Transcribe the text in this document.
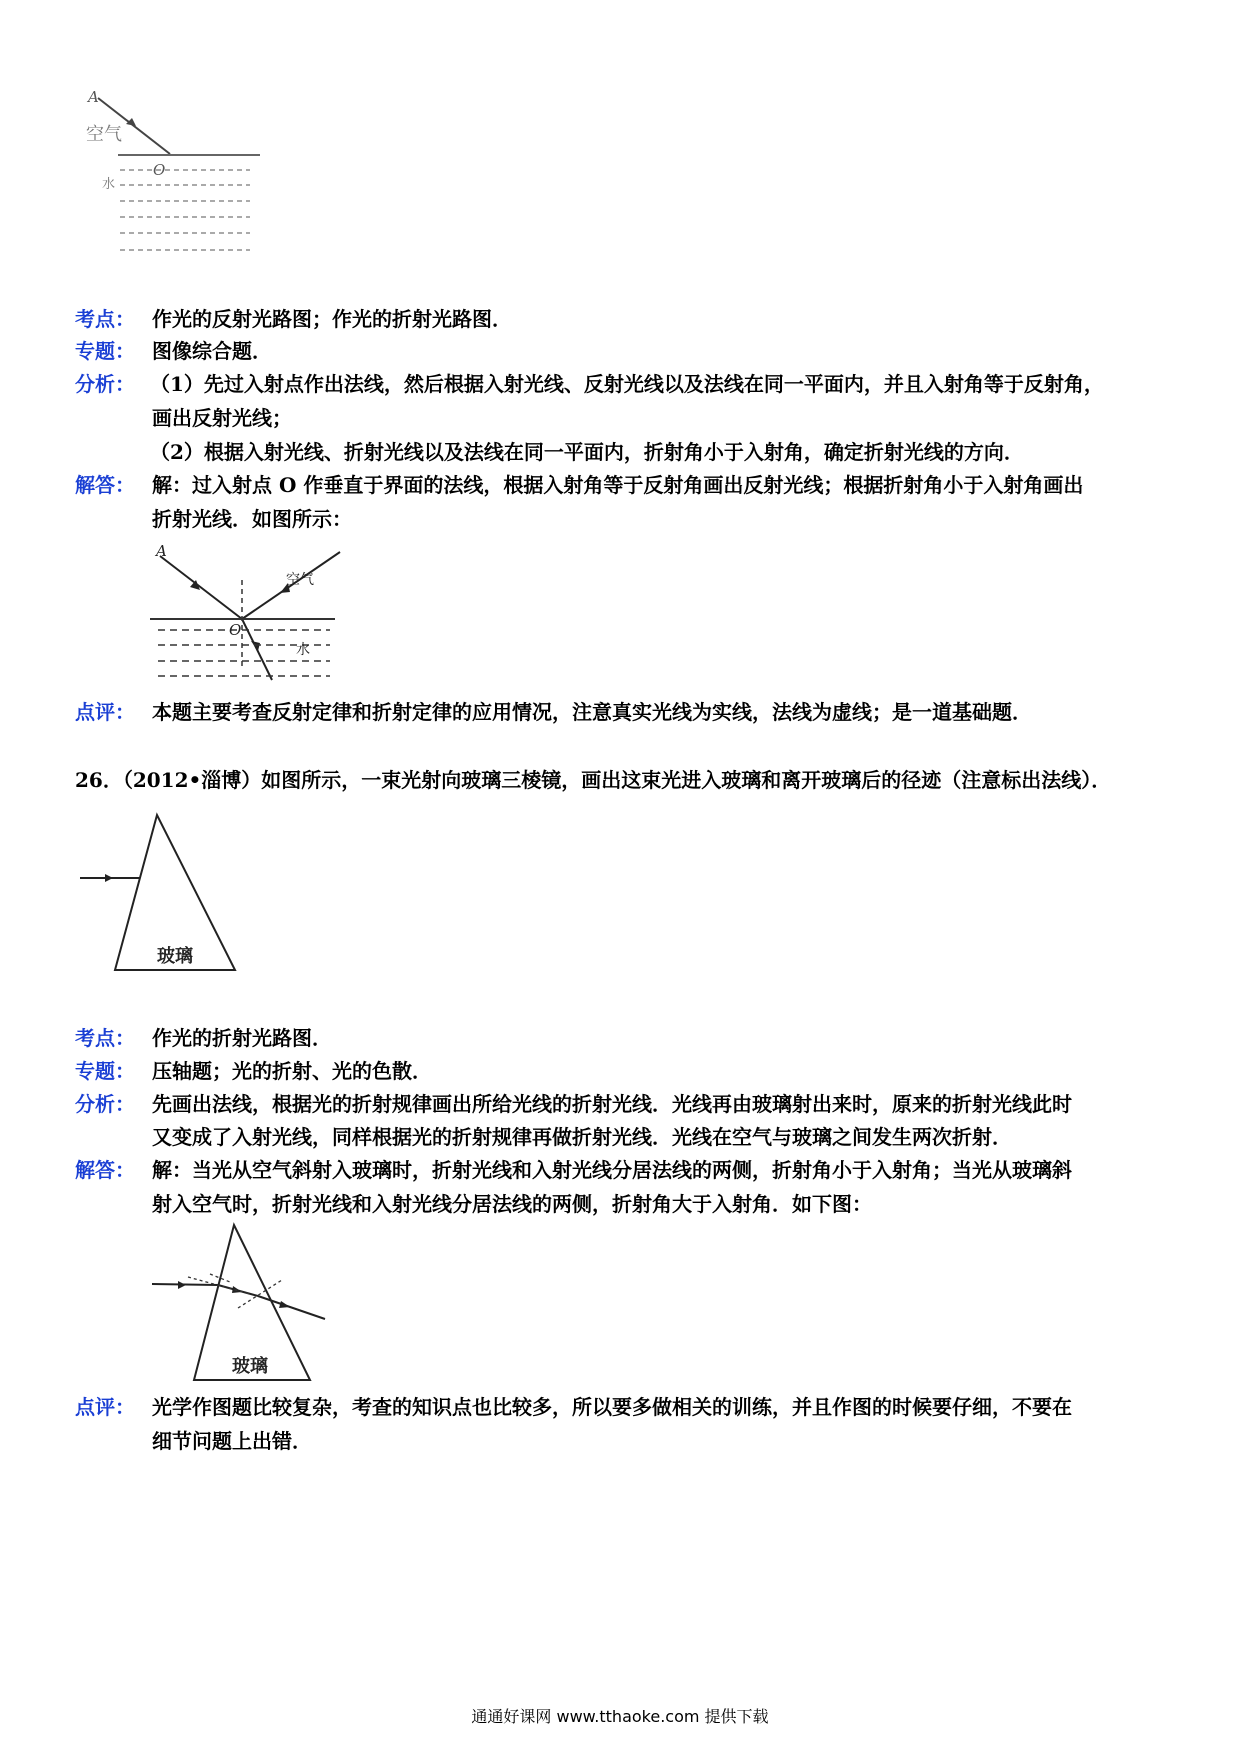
A
空气
O
水
考点： 作光的反射光路图；作光的折射光路图．
专题： 图像综合题．
分析： （1）先过入射点作出法线，然后根据入射光线、反射光线以及法线在同一平面内，并且入射角等于反射角，
画出反射光线；
（2）根据入射光线、折射光线以及法线在同一平面内，折射角小于入射角，确定折射光线的方向．
解答： 解：过入射点 O 作垂直于界面的法线，根据入射角等于反射角画出反射光线；根据折射角小于入射角画出
折射光线．如图所示：
A
空气
O
水
点评： 本题主要考查反射定律和折射定律的应用情况，注意真实光线为实线，法线为虚线；是一道基础题．
26．（2012•淄博）如图所示，一束光射向玻璃三棱镜，画出这束光进入玻璃和离开玻璃后的径迹（注意标出法线）．
玻璃
考点： 作光的折射光路图．
专题： 压轴题；光的折射、光的色散．
分析： 先画出法线，根据光的折射规律画出所给光线的折射光线．光线再由玻璃射出来时，原来的折射光线此时
又变成了入射光线，同样根据光的折射规律再做折射光线．光线在空气与玻璃之间发生两次折射．
解答： 解：当光从空气斜射入玻璃时，折射光线和入射光线分居法线的两侧，折射角小于入射角；当光从玻璃斜
射入空气时，折射光线和入射光线分居法线的两侧，折射角大于入射角．如下图：
玻璃
点评： 光学作图题比较复杂，考查的知识点也比较多，所以要多做相关的训练，并且作图的时候要仔细，不要在
细节问题上出错．
通通好课网 www.tthaoke.com 提供下载
